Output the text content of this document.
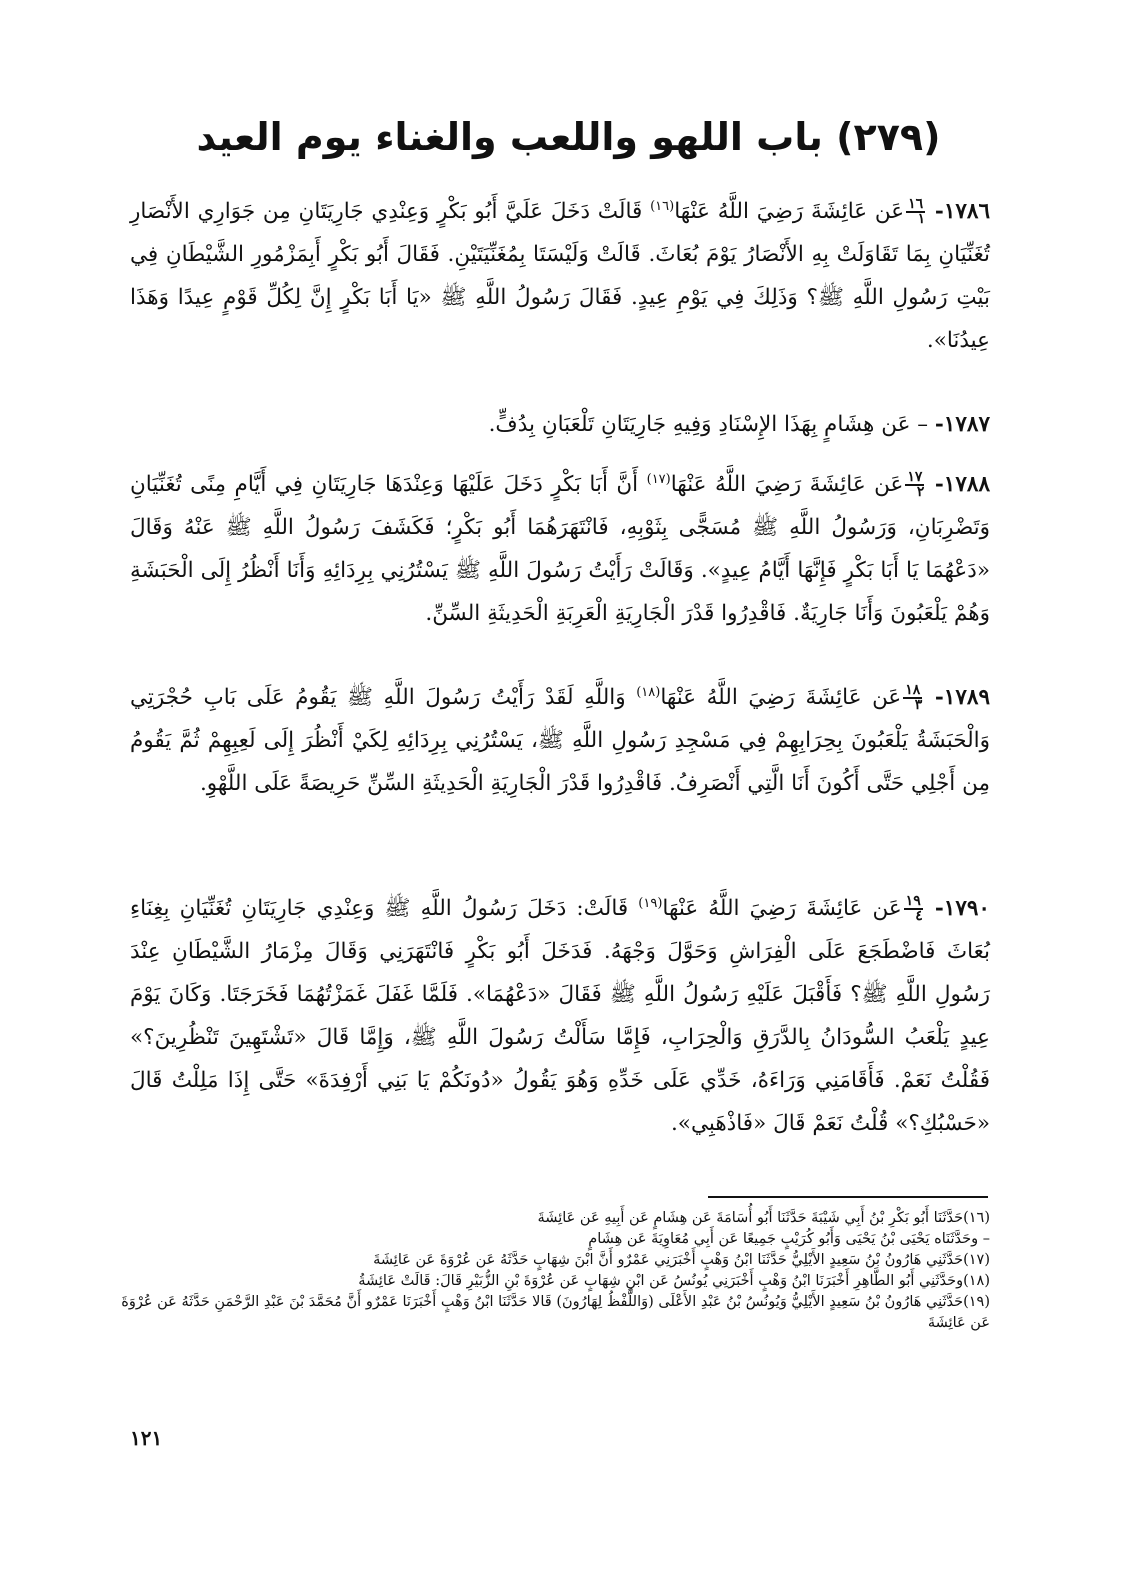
(٢٧٩) باب اللهو واللعب والغناء يوم العيد

١٧٨٦-
$\frac{١٦}{١}$
عَن عَائِشَةَ رَضِيَ اللَّهُ عَنْهَا$^{(١٦)}$ قَالَتْ دَخَلَ عَلَيَّ أَبُو بَكْرٍ وَعِنْدِي جَارِيَتَانِ مِن جَوَارِي الأَنْصَارِ تُغَنِّيَانِ بِمَا تَقَاوَلَتْ بِهِ الأَنْصَارُ يَوْمَ بُعَاثَ. قَالَتْ وَلَيْسَتَا بِمُغَنِّيَتَيْنِ. فَقَالَ أَبُو بَكْرٍ أَبِمَزْمُورِ الشَّيْطَانِ فِي بَيْتِ رَسُولِ اللَّهِ ﷺ؟ وَذَلِكَ فِي يَوْمِ عِيدٍ. فَقَالَ رَسُولُ اللَّهِ ﷺ «يَا أَبَا بَكْرٍ إِنَّ لِكُلِّ قَوْمٍ عِيدًا وَهَذَا عِيدُنَا».

١٧٨٧- – عَن هِشَامٍ بِهَذَا الإِسْنَادِ وَفِيهِ جَارِيَتَانِ تَلْعَبَانِ بِدُفٍّ.

١٧٨٨-
$\frac{١٧}{٢}$
عَن عَائِشَةَ رَضِيَ اللَّهُ عَنْهَا$^{(١٧)}$ أَنَّ أَبَا بَكْرٍ دَخَلَ عَلَيْهَا وَعِنْدَهَا جَارِيَتَانِ فِي أَيَّامِ مِنًى تُغَنِّيَانِ وَتَضْرِبَانِ، وَرَسُولُ اللَّهِ ﷺ مُسَجًّى بِثَوْبِهِ، فَانْتَهَرَهُمَا أَبُو بَكْرٍ؛ فَكَشَفَ رَسُولُ اللَّهِ ﷺ عَنْهُ وَقَالَ «دَعْهُمَا يَا أَبَا بَكْرٍ فَإِنَّهَا أَيَّامُ عِيدٍ». وَقَالَتْ رَأَيْتُ رَسُولَ اللَّهِ ﷺ يَسْتُرُنِي بِرِدَائِهِ وَأَنَا أَنْظُرُ إِلَى الْحَبَشَةِ وَهُمْ يَلْعَبُونَ وَأَنَا جَارِيَةٌ. فَاقْدِرُوا قَدْرَ الْجَارِيَةِ الْعَرِبَةِ الْحَدِيثَةِ السِّنِّ.

١٧٨٩-
$\frac{١٨}{٣}$
عَن عَائِشَةَ رَضِيَ اللَّهُ عَنْهَا$^{(١٨)}$ وَاللَّهِ لَقَدْ رَأَيْتُ رَسُولَ اللَّهِ ﷺ يَقُومُ عَلَى بَابِ حُجْرَتِي وَالْحَبَشَةُ يَلْعَبُونَ بِحِرَابِهِمْ فِي مَسْجِدِ رَسُولِ اللَّهِ ﷺ، يَسْتُرُنِي بِرِدَائِهِ لِكَيْ أَنْظُرَ إِلَى لَعِبِهِمْ ثُمَّ يَقُومُ مِن أَجْلِي حَتَّى أَكُونَ أَنَا الَّتِي أَنْصَرِفُ. فَاقْدِرُوا قَدْرَ الْجَارِيَةِ الْحَدِيثَةِ السِّنِّ حَرِيصَةً عَلَى اللَّهْوِ.

١٧٩٠-
$\frac{١٩}{٤}$
عَن عَائِشَةَ رَضِيَ اللَّهُ عَنْهَا$^{(١٩)}$ قَالَتْ: دَخَلَ رَسُولُ اللَّهِ ﷺ وَعِنْدِي جَارِيَتَانِ تُغَنِّيَانِ بِغِنَاءِ بُعَاثَ فَاضْطَجَعَ عَلَى الْفِرَاشِ وَحَوَّلَ وَجْهَهُ. فَدَخَلَ أَبُو بَكْرٍ فَانْتَهَرَنِي وَقَالَ مِزْمَارُ الشَّيْطَانِ عِنْدَ رَسُولِ اللَّهِ ﷺ؟ فَأَقْبَلَ عَلَيْهِ رَسُولُ اللَّهِ ﷺ فَقَالَ «دَعْهُمَا». فَلَمَّا غَفَلَ غَمَزْتُهُمَا فَخَرَجَتَا. وَكَانَ يَوْمَ عِيدٍ يَلْعَبُ السُّودَانُ بِالدَّرَقِ وَالْحِرَابِ، فَإِمَّا سَأَلْتُ رَسُولَ اللَّهِ ﷺ، وَإِمَّا قَالَ «تَشْتَهِينَ تَنْظُرِينَ؟» فَقُلْتُ نَعَمْ. فَأَقَامَنِي وَرَاءَهُ، خَدِّي عَلَى خَدِّهِ وَهُوَ يَقُولُ «دُونَكُمْ يَا بَنِي أَرْفِدَةَ» حَتَّى إِذَا مَلِلْتُ قَالَ «حَسْبُكِ؟» قُلْتُ نَعَمْ قَالَ «فَاذْهَبِي».

(١٦)حَدَّثَنَا أَبُو بَكْرِ بْنُ أَبِي شَيْبَةَ حَدَّثَنَا أَبُو أُسَامَةَ عَن هِشَامٍ عَن أَبِيهِ عَن عَائِشَةَ
– وحَدَّثَنَاه يَحْيَى بْنُ يَحْيَى وَأَبُو كُرَيْبٍ جَمِيعًا عَن أَبِي مُعَاوِيَةَ عَن هِشَامٍ
(١٧)حَدَّثَنِي هَارُونُ بْنُ سَعِيدٍ الأَيْلِيُّ حَدَّثَنَا ابْنُ وَهْبٍ أَخْبَرَنِي عَمْرٌو أَنَّ ابْنَ شِهَابٍ حَدَّثَهُ عَن عُرْوَةَ عَن عَائِشَةَ
(١٨)وحَدَّثَنِي أَبُو الطَّاهِرِ أَخْبَرَنَا ابْنُ وَهْبٍ أَخْبَرَنِي يُونُسُ عَن ابْنِ شِهَابٍ عَن عُرْوَةَ بْنِ الزُّبَيْرِ قَالَ: قَالَتْ عَائِشَةُ
(١٩)حَدَّثَنِي هَارُونُ بْنُ سَعِيدٍ الأَيْلِيُّ وَيُونُسُ بْنُ عَبْدِ الأَعْلَى (وَاللَّفْظُ لِهَارُونَ) قَالا حَدَّثَنَا ابْنُ وَهْبٍ أَخْبَرَنَا عَمْرٌو أَنَّ مُحَمَّدَ بْنَ عَبْدِ الرَّحْمَنِ حَدَّثَهُ عَن عُرْوَةَ عَن عَائِشَةَ
١٢١
